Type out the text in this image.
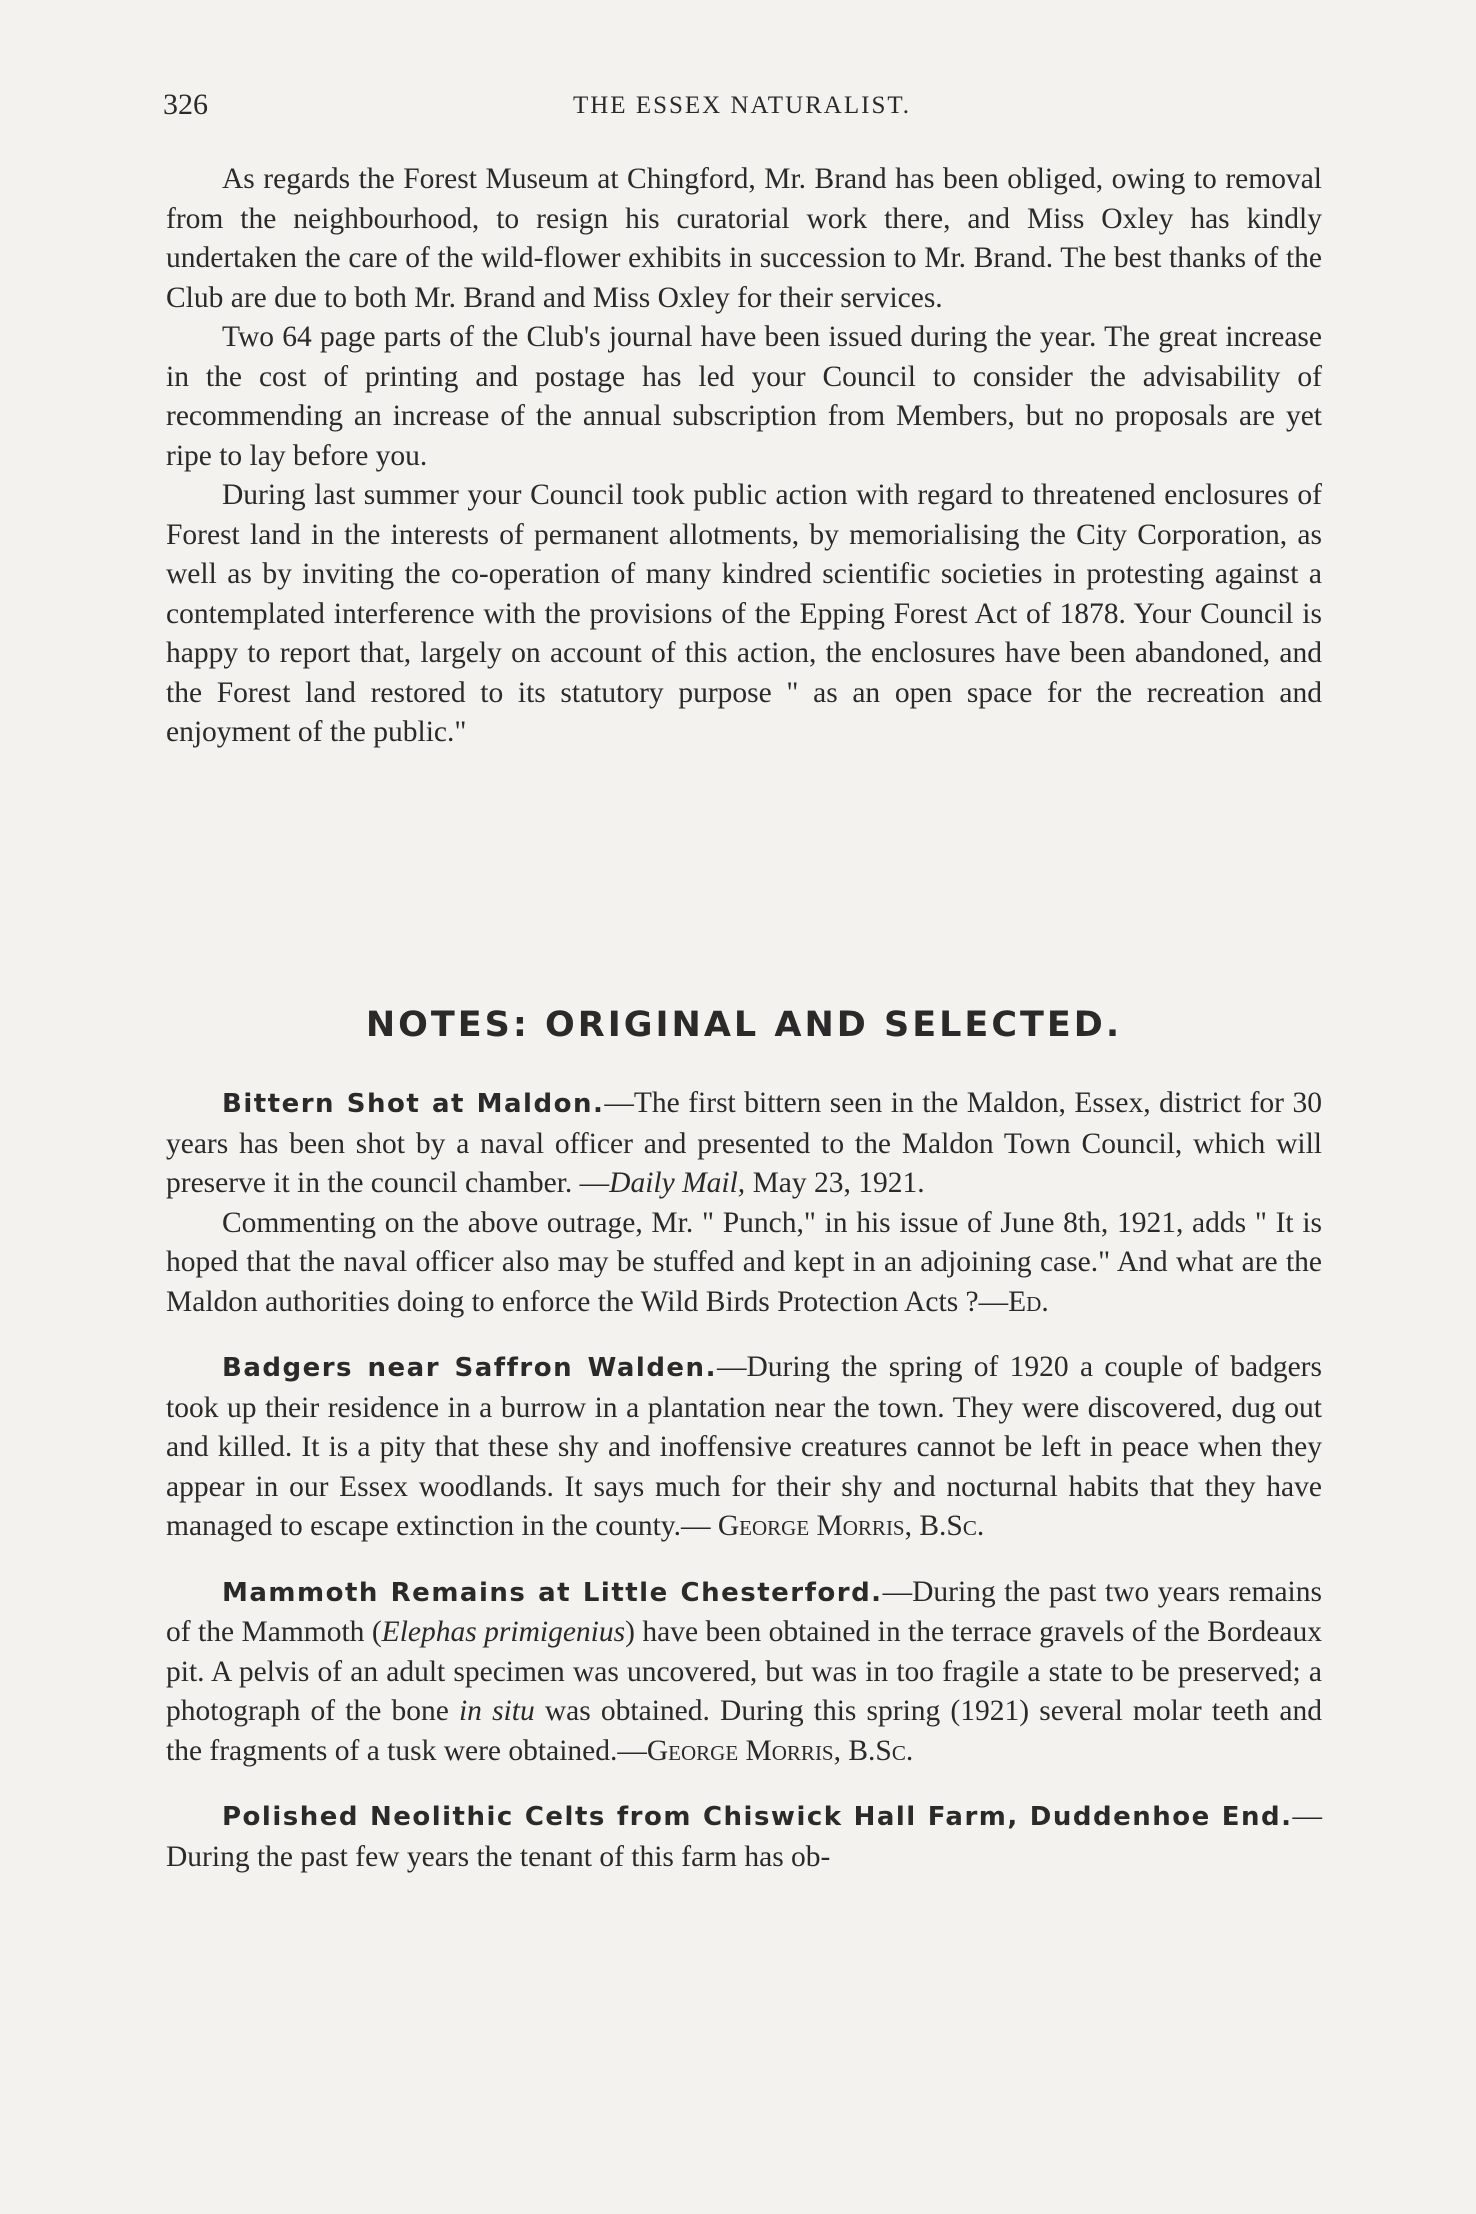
326	THE ESSEX NATURALIST.

As regards the Forest Museum at Chingford, Mr. Brand has been obliged, owing to removal from the neighbourhood, to resign his curatorial work there, and Miss Oxley has kindly undertaken the care of the wild-flower exhibits in succession to Mr. Brand. The best thanks of the Club are due to both Mr. Brand and Miss Oxley for their services.

Two 64 page parts of the Club's journal have been issued during the year. The great increase in the cost of printing and postage has led your Council to consider the advisability of recommending an increase of the annual subscription from Members, but no proposals are yet ripe to lay before you.

During last summer your Council took public action with regard to threatened enclosures of Forest land in the interests of permanent allotments, by memorialising the City Corporation, as well as by inviting the co-operation of many kindred scientific societies in protesting against a contemplated interference with the provisions of the Epping Forest Act of 1878. Your Council is happy to report that, largely on account of this action, the enclosures have been abandoned, and the Forest land restored to its statutory purpose " as an open space for the recreation and enjoyment of the public."

NOTES: ORIGINAL AND SELECTED.

Bittern Shot at Maldon.—The first bittern seen in the Maldon, Essex, district for 30 years has been shot by a naval officer and presented to the Maldon Town Council, which will preserve it in the council chamber. —Daily Mail, May 23, 1921.

Commenting on the above outrage, Mr. " Punch," in his issue of June 8th, 1921, adds " It is hoped that the naval officer also may be stuffed and kept in an adjoining case." And what are the Maldon authorities doing to enforce the Wild Birds Protection Acts ?—Ed.

Badgers near Saffron Walden.—During the spring of 1920 a couple of badgers took up their residence in a burrow in a plantation near the town. They were discovered, dug out and killed. It is a pity that these shy and inoffensive creatures cannot be left in peace when they appear in our Essex woodlands. It says much for their shy and nocturnal habits that they have managed to escape extinction in the county.— George Morris, B.Sc.

Mammoth Remains at Little Chesterford.—During the past two years remains of the Mammoth (Elephas primigenius) have been obtained in the terrace gravels of the Bordeaux pit. A pelvis of an adult specimen was uncovered, but was in too fragile a state to be preserved; a photograph of the bone in situ was obtained. During this spring (1921) several molar teeth and the fragments of a tusk were obtained.—George Morris, B.Sc.

Polished Neolithic Celts from Chiswick Hall Farm, Duddenhoe End.—During the past few years the tenant of this farm has ob-
